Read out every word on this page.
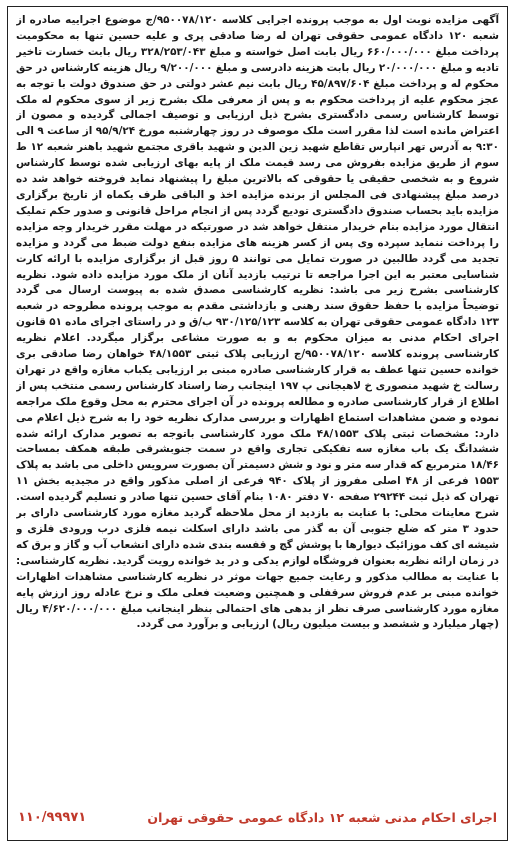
آگهی مزایده نوبت اول به موجب پرونده اجرایی کلاسه ۹۵۰۰۷۸/۱۲۰/ج موضوع اجراییه صادره از شعبه ۱۲۰ دادگاه عمومی حقوقی تهران له رضا صادقی پری و علیه حسین تنها به محکومیت پرداخت مبلغ ۶۶۰/۰۰۰/۰۰۰ ریال بابت اصل خواسته و مبلغ ۳۲۸/۲۵۳/۰۴۳ ریال بابت خسارت تاخیر تادیه و مبلغ ۲۰/۰۰۰/۰۰۰ ریال بابت هزینه دادرسی و مبلغ ۹/۲۰۰/۰۰۰ ریال هزینه کارشناس در حق محکوم له و پرداخت مبلغ ۴۵/۸۹۷/۶۰۴ ریال بابت نیم عشر دولتی در حق صندوق دولت با توجه به عجز محکوم علیه از پرداخت محکوم به و پس از معرفی ملک بشرح زیر از سوی محکوم له ملک توسط کارشناس رسمی دادگستری بشرح ذیل ارزیابی و توصیف اجمالی گردیده و مصون از اعتراض مانده است لذا مقرر است ملک موصوف در روز چهارشنبه مورخ ۹۵/۹/۲۴ از ساعت ۹ الی ۹:۳۰ به آدرس تهر انپارس تقاطع شهید زین الدین و شهید باقری مجتمع شهید باهنر شعبه ۱۲ ط سوم از طریق مزایده بفروش می رسد قیمت ملک از پایه بهای ارزیابی شده توسط کارشناس شروع و به شخصی حقیقی یا حقوقی که بالاترین مبلغ را پیشنهاد نماید فروخته خواهد شد ده درصد مبلغ پیشنهادی فی المجلس از برنده مزایده اخذ و الباقی ظرف یکماه از تاریخ برگزاری مزایده باید بحساب صندوق دادگستری تودیع گردد پس از انجام مراحل قانونی و صدور حکم تملیک انتقال مورد مزایده بنام خریدار منتقل خواهد شد در صورتیکه در مهلت مقرر خریدار وجه مزایده را پرداخت ننماید سپرده وی پس از کسر هزینه های مزایده بنفع دولت ضبط می گردد و مزایده تجدید می گردد طالبین در صورت تمایل می توانند ۵ روز قبل از برگزاری مزایده با ارائه کارت شناسایی معتبر به این اجرا مراجعه تا ترتیب بازدید آنان از ملک مورد مزایده داده شود. نظریه کارشناسی بشرح زیر می باشد: نظریه کارشناسی مصدق شده به پیوست ارسال می گردد توضیحاً مزایده با حفظ حقوق سند رهنی و بازداشتی مقدم به موجب پرونده مطروحه در شعبه ۱۲۳ دادگاه عمومی حقوقی تهران به کلاسه ۹۳۰/۱۲۵/۱۲۳ ب/ق و در راستای اجرای ماده ۵۱ قانون اجرای احکام مدنی به میزان محکوم به و به صورت مشاعی برگزار میگردد. اعلام نظریه کارشناسی پرونده کلاسه ۹۵۰۰۷۸/۱۲۰/ج ارزیابی پلاک ثبتی ۴۸/۱۵۵۳ خواهان رضا صادقی بری خوانده حسین تنها عطف به قرار کارشناسی صادره مبنی بر ارزیابی یکباب مغازه واقع در تهران رسالت خ شهید منصوری خ لاهیجانی پ ۱۹۷ اینجانب رضا راستاد کارشناس رسمی منتخب پس از اطلاع از قرار کارشناسی صادره و مطالعه پرونده در آن اجرای محترم به محل وقوع ملک مراجعه نموده و ضمن مشاهدات استماع اظهارات و بررسی مدارک نظریه خود را به شرح ذیل اعلام می دارد: مشخصات ثبتی پلاک ۴۸/۱۵۵۳ ملک مورد کارشناسی باتوجه به تصویر مدارک ارائه شده ششدانگ یک باب مغازه سه تفکیکی تجاری واقع در سمت جنوبشرقی طبقه همکف بمساحت ۱۸/۴۶ مترمربع که قدار سه متر و نود و شش دسیمتر آن بصورت سرویس داخلی می باشد به پلاک ۱۵۵۳ فرعی از ۴۸ اصلی مفروز از پلاک ۹۴۰ فرعی از اصلی مذکور واقع در مجیدیه بخش ۱۱ تهران که ذیل ثبت ۲۹۲۴۴ صفحه ۷۰ دفتر ۱۰۸۰ بنام آقای حسین تنها صادر و تسلیم گردیده است. شرح معاینات محلی: با عنایت به بازدید از محل ملاحظه گردید مغازه مورد کارشناسی دارای بر حدود ۳ متر که ضلع جنوبی آن به گذر می باشد دارای اسکلت نیمه فلزی درب ورودی فلزی و شیشه ای کف موزائیک دیوارها با پوشش گچ و قفسه بندی شده دارای انشعاب آب و گاز و برق که در زمان ارائه نظریه بعنوان فروشگاه لوازم یدکی و در ید خوانده رویت گردید. نظریه کارشناسی: با عنایت به مطالب مذکور و رعایت جمیع جهات موثر در نظریه کارشناسی مشاهدات اظهارات خوانده مبنی بر عدم فروش سرقفلی و همچنین وضعیت فعلی ملک و نرخ عادله روز ارزش پایه مغازه مورد کارشناسی صرف نظر از بدهی های احتمالی بنظر اینجانب مبلغ ۴/۶۲۰/۰۰۰/۰۰۰ ریال (چهار میلیارد و ششصد و بیست میلیون ریال) ارزیابی و برآورد می گردد.
۱۱۰/۹۹۹۷۱	اجرای احکام مدنی شعبه ۱۲ دادگاه عمومی حقوقی تهران
